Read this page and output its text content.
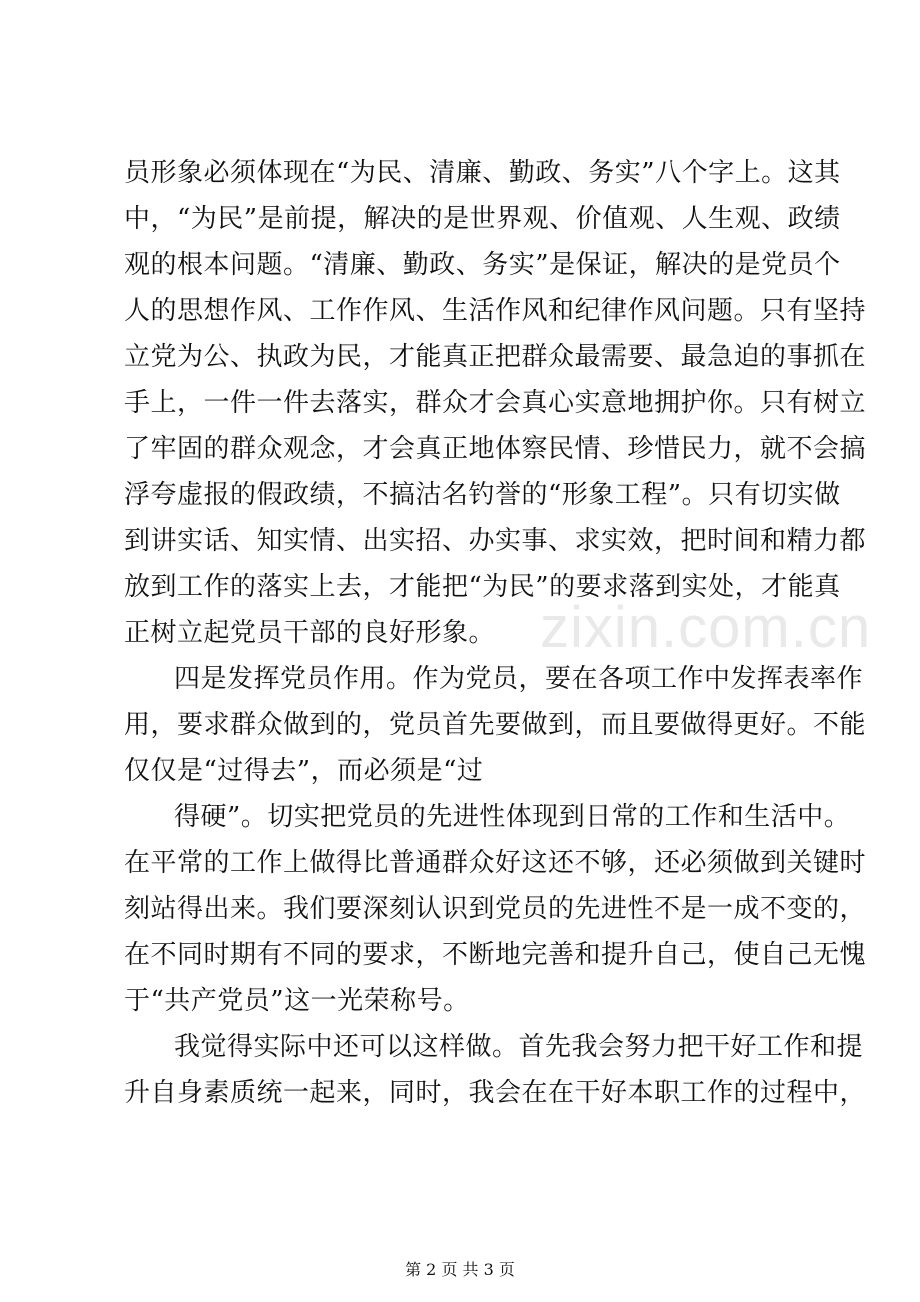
zixin.com.cn
员形象必须体现在“为民、清廉、勤政、务实”八个字上。这其
中，“为民”是前提，解决的是世界观、价值观、人生观、政绩
观的根本问题。“清廉、勤政、务实”是保证，解决的是党员个
人的思想作风、工作作风、生活作风和纪律作风问题。只有坚持
立党为公、执政为民，才能真正把群众最需要、最急迫的事抓在
手上，一件一件去落实，群众才会真心实意地拥护你。只有树立
了牢固的群众观念，才会真正地体察民情、珍惜民力，就不会搞
浮夸虚报的假政绩，不搞沽名钓誉的“形象工程”。只有切实做
到讲实话、知实情、出实招、办实事、求实效，把时间和精力都
放到工作的落实上去，才能把“为民”的要求落到实处，才能真
正树立起党员干部的良好形象。
四是发挥党员作用。作为党员，要在各项工作中发挥表率作
用，要求群众做到的，党员首先要做到，而且要做得更好。不能
仅仅是“过得去”，而必须是“过
得硬”。切实把党员的先进性体现到日常的工作和生活中。
在平常的工作上做得比普通群众好这还不够，还必须做到关键时
刻站得出来。我们要深刻认识到党员的先进性不是一成不变的，
在不同时期有不同的要求，不断地完善和提升自己，使自己无愧
于“共产党员”这一光荣称号。
我觉得实际中还可以这样做。首先我会努力把干好工作和提
升自身素质统一起来，同时，我会在在干好本职工作的过程中，
第 2 页 共 3 页
